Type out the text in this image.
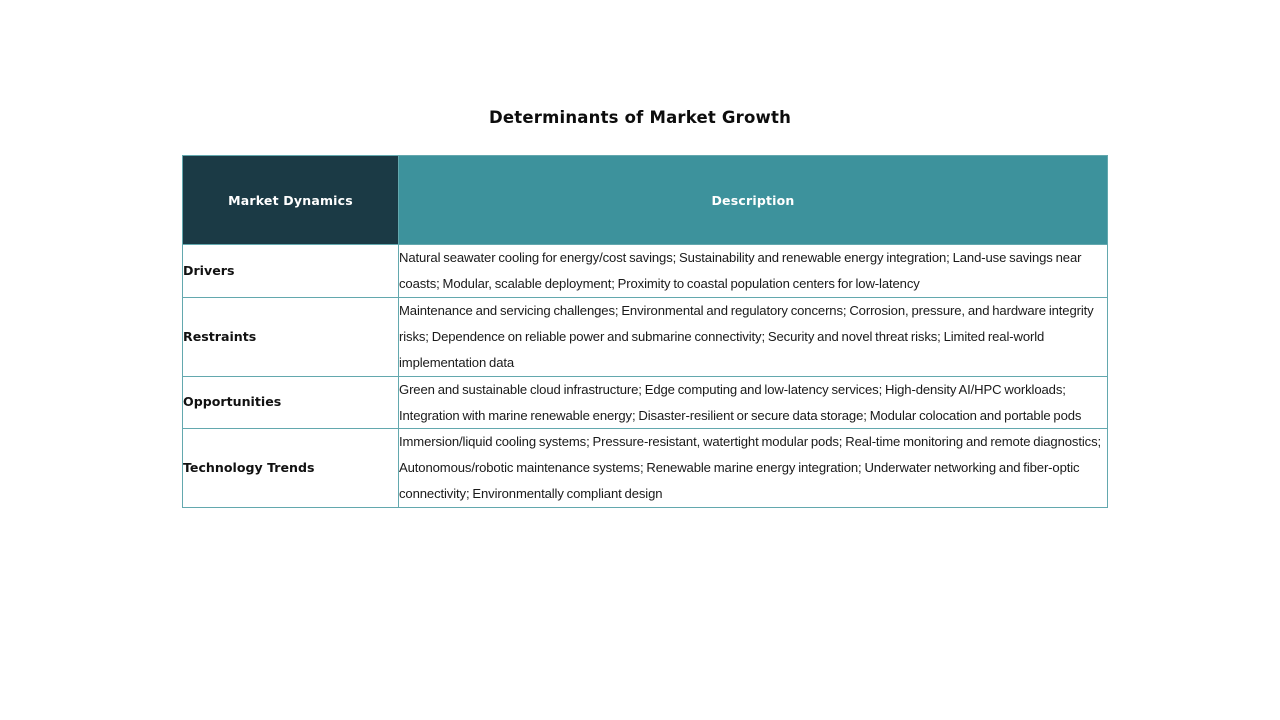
Determinants of Market Growth
Market Dynamics	Description
Drivers	Natural seawater cooling for energy/cost savings; Sustainability and renewable energy integration; Land-use savings near coasts; Modular, scalable deployment; Proximity to coastal population centers for low-latency

Restraints	Maintenance and servicing challenges; Environmental and regulatory concerns; Corrosion, pressure, and hardware integrity risks; Dependence on reliable power and submarine connectivity; Security and novel threat risks; Limited real-world implementation data

Opportunities	Green and sustainable cloud infrastructure; Edge computing and low-latency services; High-density AI/HPC workloads; Integration with marine renewable energy; Disaster-resilient or secure data storage; Modular colocation and portable pods

Technology Trends	Immersion/liquid cooling systems; Pressure-resistant, watertight modular pods; Real-time monitoring and remote diagnostics; Autonomous/robotic maintenance systems; Renewable marine energy integration; Underwater networking and fiber-optic connectivity; Environmentally compliant design
